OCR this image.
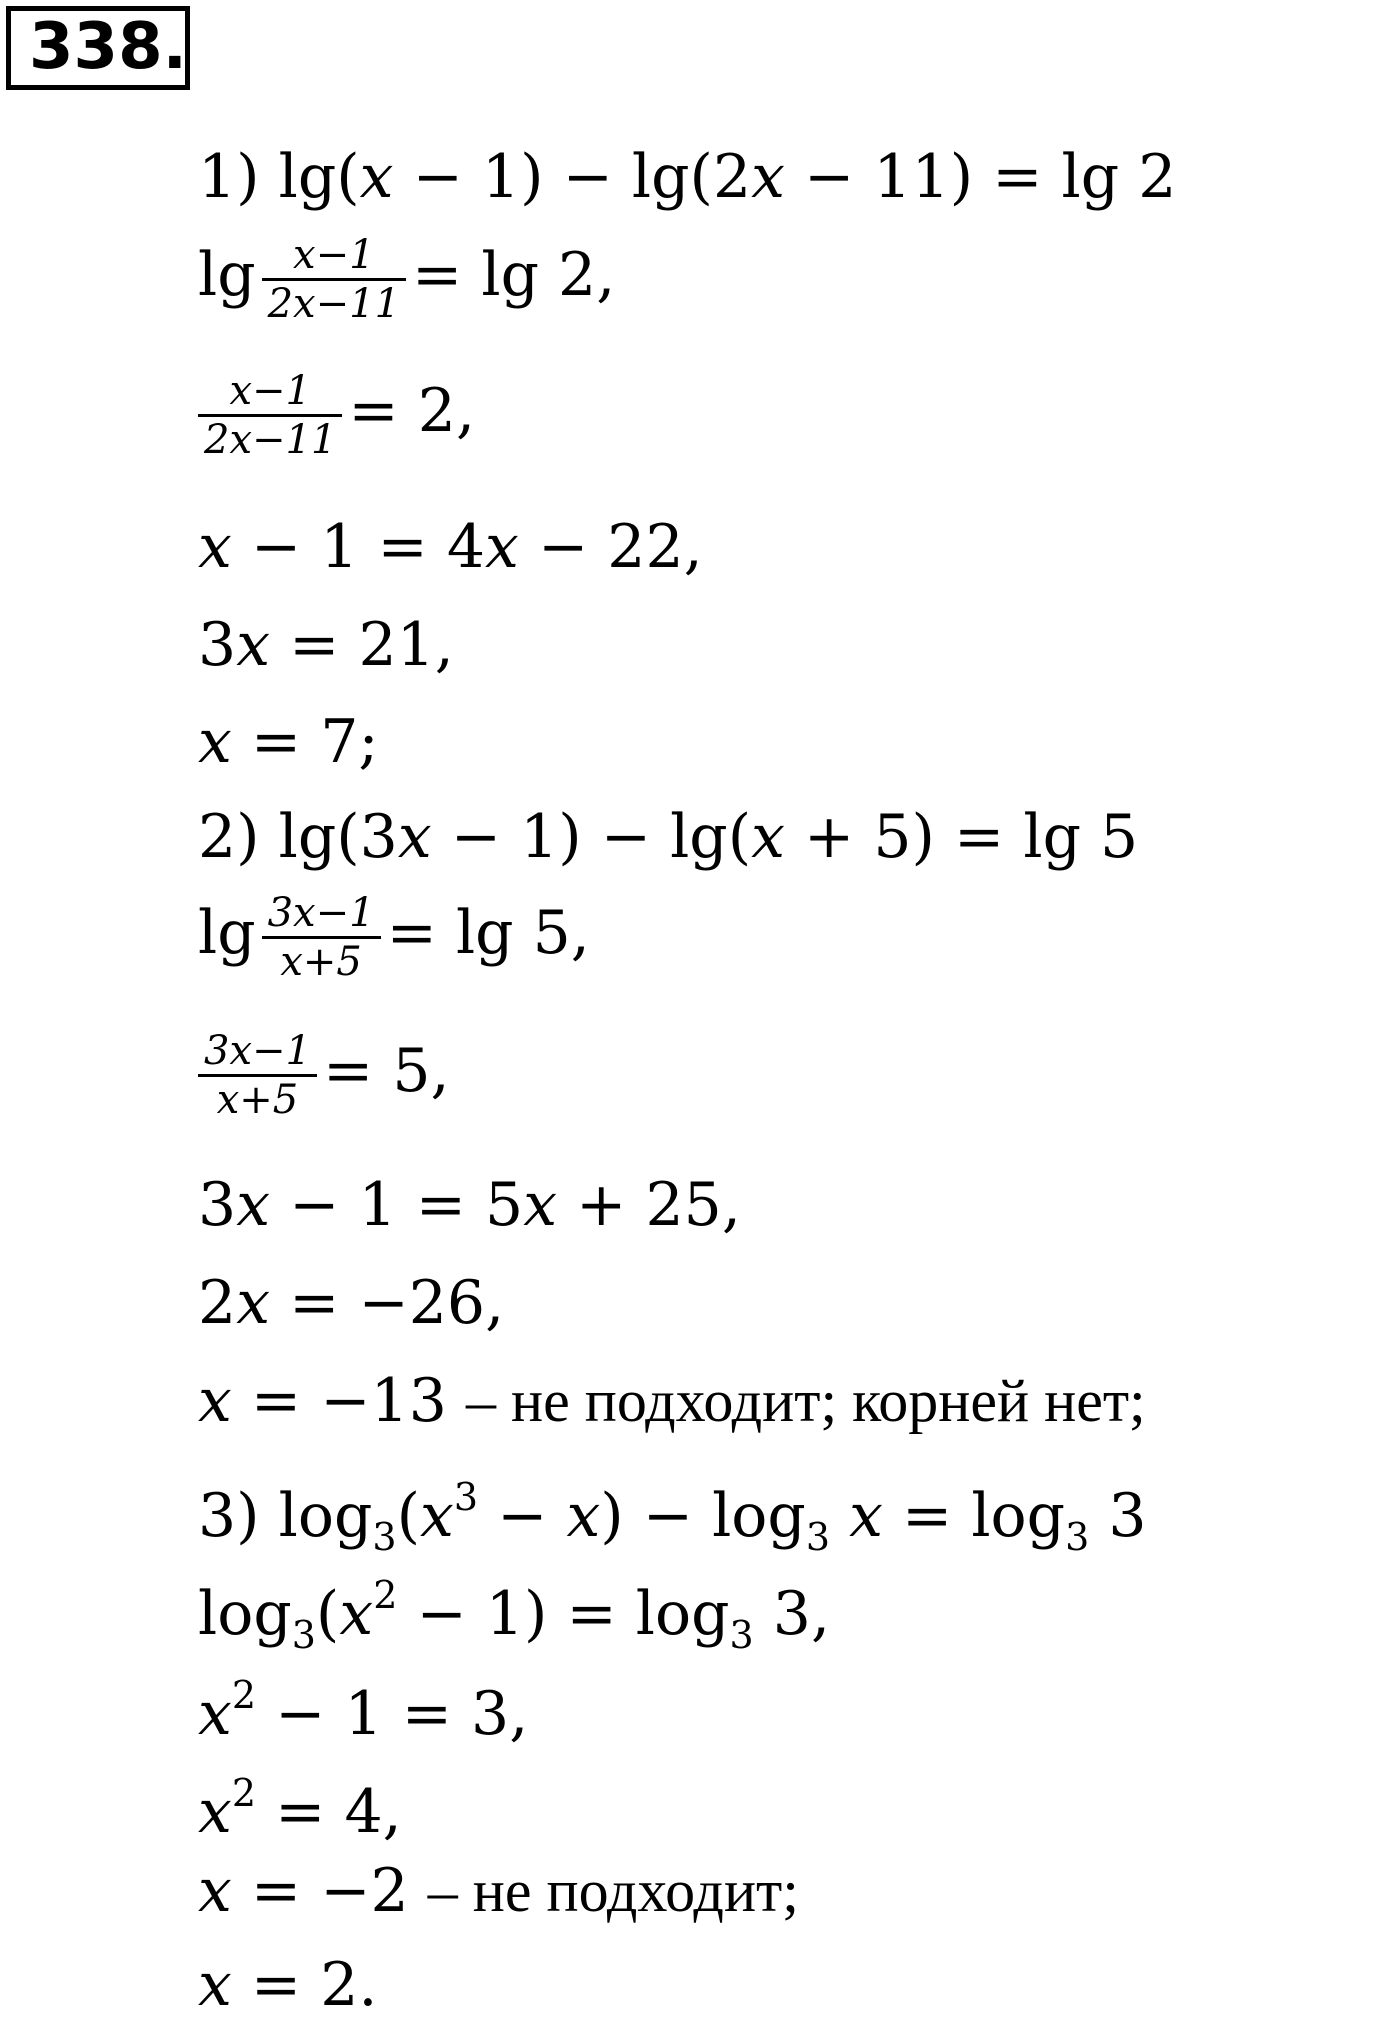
338.
1) lg(x − 1) − lg(2x − 11) = lg 2
$\lg \frac{x-1}{2x-11} = \lg 2$,
$\frac{x-1}{2x-11} = 2$,
x − 1 = 4x − 22,
3x = 21,
x = 7;
2) lg(3x − 1) − lg(x + 5) = lg 5
$\lg \frac{3x-1}{x+5} = \lg 5$,
$\frac{3x-1}{x+5} = 5$,
3x − 1 = 5x + 25,
2x = −26,
x = −13 – не подходит; корней нет;
3) $\log_3(x^3 - x) - \log_3 x = \log_3 3$
$\log_3(x^2 - 1) = \log_3 3$,
$x^2 - 1 = 3$,
$x^2 = 4$,
x = −2 – не подходит;
x = 2.
